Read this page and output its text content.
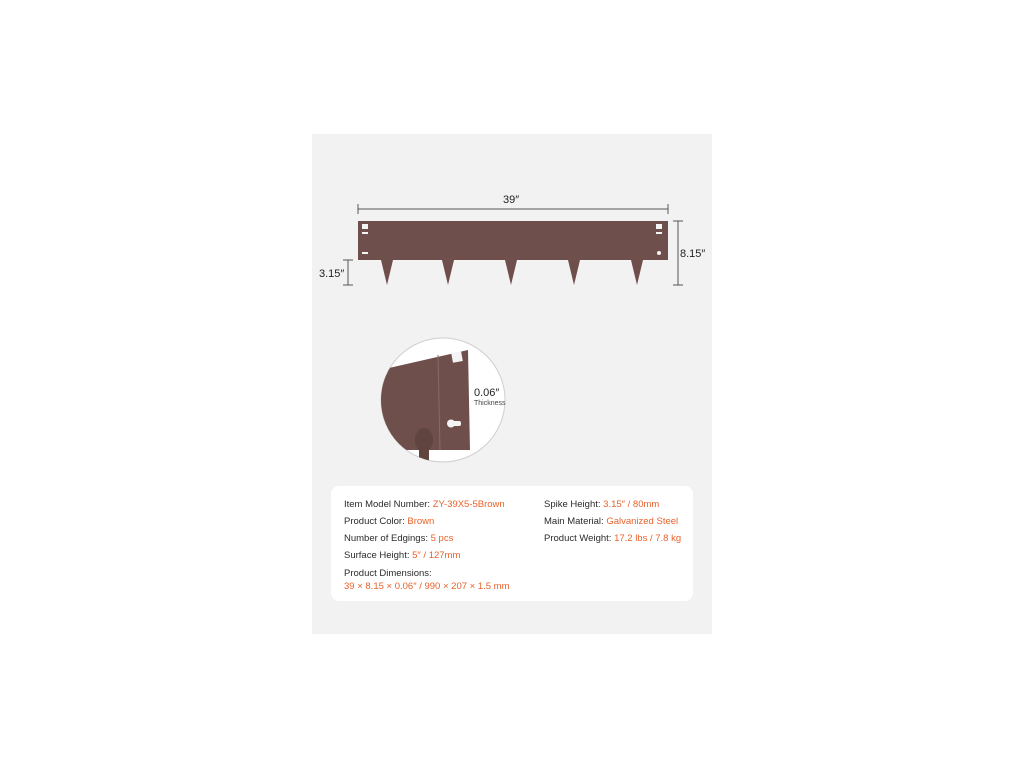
39″
8.15″
3.15″
0.06″
Thickness
Item Model Number: ZY-39X5-5Brown
Product Color: Brown
Number of Edgings: 5 pcs
Surface Height: 5″ / 127mm
Product Dimensions:
39 × 8.15 × 0.06″ / 990 × 207 × 1.5 mm
Spike Height: 3.15″ / 80mm
Main Material: Galvanized Steel
Product Weight: 17.2 lbs / 7.8 kg
